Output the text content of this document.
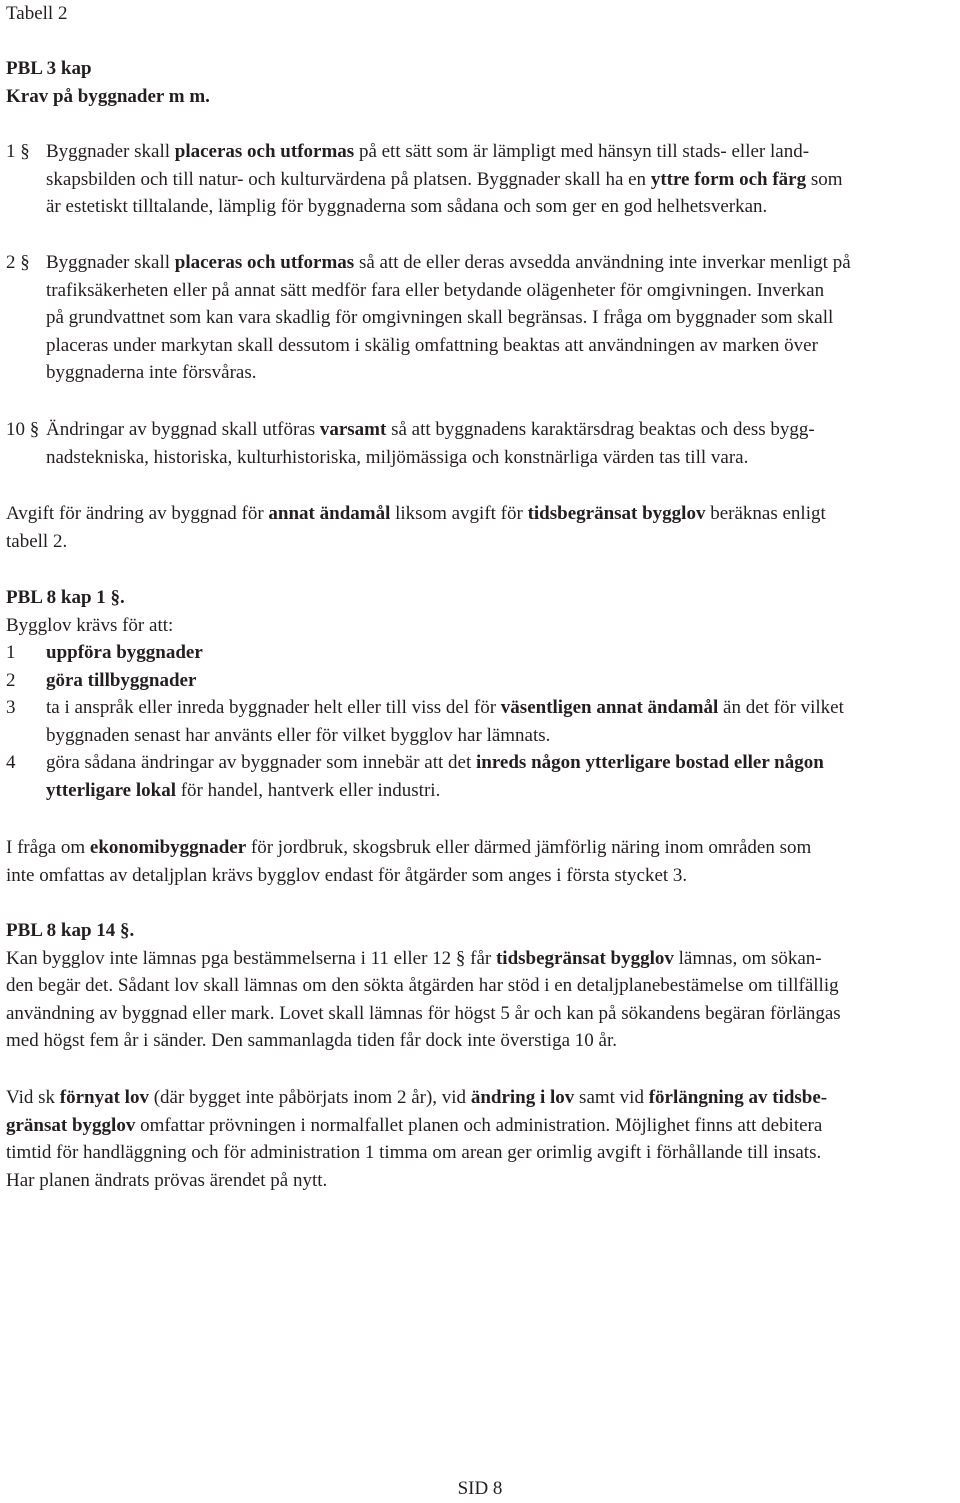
Tabell 2
PBL 3 kap
Krav på byggnader m m.
1 § Byggnader skall placeras och utformas på ett sätt som är lämpligt med hänsyn till stads- eller land-
skapsbilden och till natur- och kulturvärdena på platsen. Byggnader skall ha en yttre form och färg som
är estetiskt tilltalande, lämplig för byggnaderna som sådana och som ger en god helhetsverkan.
2 § Byggnader skall placeras och utformas så att de eller deras avsedda användning inte inverkar menligt på
trafiksäkerheten eller på annat sätt medför fara eller betydande olägenheter för omgivningen. Inverkan
på grundvattnet som kan vara skadlig för omgivningen skall begränsas. I fråga om byggnader som skall
placeras under markytan skall dessutom i skälig omfattning beaktas att användningen av marken över
byggnaderna inte försvåras.
10 § Ändringar av byggnad skall utföras varsamt så att byggnadens karaktärsdrag beaktas och dess bygg-
nadstekniska, historiska, kulturhistoriska, miljömässiga och konstnärliga värden tas till vara.
Avgift för ändring av byggnad för annat ändamål liksom avgift för tidsbegränsat bygglov beräknas enligt
tabell 2.
PBL 8 kap 1 §.
Bygglov krävs för att:
1 uppföra byggnader
2 göra tillbyggnader
3 ta i anspråk eller inreda byggnader helt eller till viss del för väsentligen annat ändamål än det för vilket
byggnaden senast har använts eller för vilket bygglov har lämnats.
4 göra sådana ändringar av byggnader som innebär att det inreds någon ytterligare bostad eller någon
ytterligare lokal för handel, hantverk eller industri.
I fråga om ekonomibyggnader för jordbruk, skogsbruk eller därmed jämförlig näring inom områden som
inte omfattas av detaljplan krävs bygglov endast för åtgärder som anges i första stycket 3.
PBL 8 kap 14 §.
Kan bygglov inte lämnas pga bestämmelserna i 11 eller 12 § får tidsbegränsat bygglov lämnas, om sökan-
den begär det. Sådant lov skall lämnas om den sökta åtgärden har stöd i en detaljplanebestämelse om tillfällig
användning av byggnad eller mark. Lovet skall lämnas för högst 5 år och kan på sökandens begäran förlängas
med högst fem år i sänder. Den sammanlagda tiden får dock inte överstiga 10 år.
Vid sk förnyat lov (där bygget inte påbörjats inom 2 år), vid ändring i lov samt vid förlängning av tidsbe-
gränsat bygglov omfattar prövningen i normalfallet planen och administration. Möjlighet finns att debitera
timtid för handläggning och för administration 1 timma om arean ger orimlig avgift i förhållande till insats.
Har planen ändrats prövas ärendet på nytt.
SID 8
